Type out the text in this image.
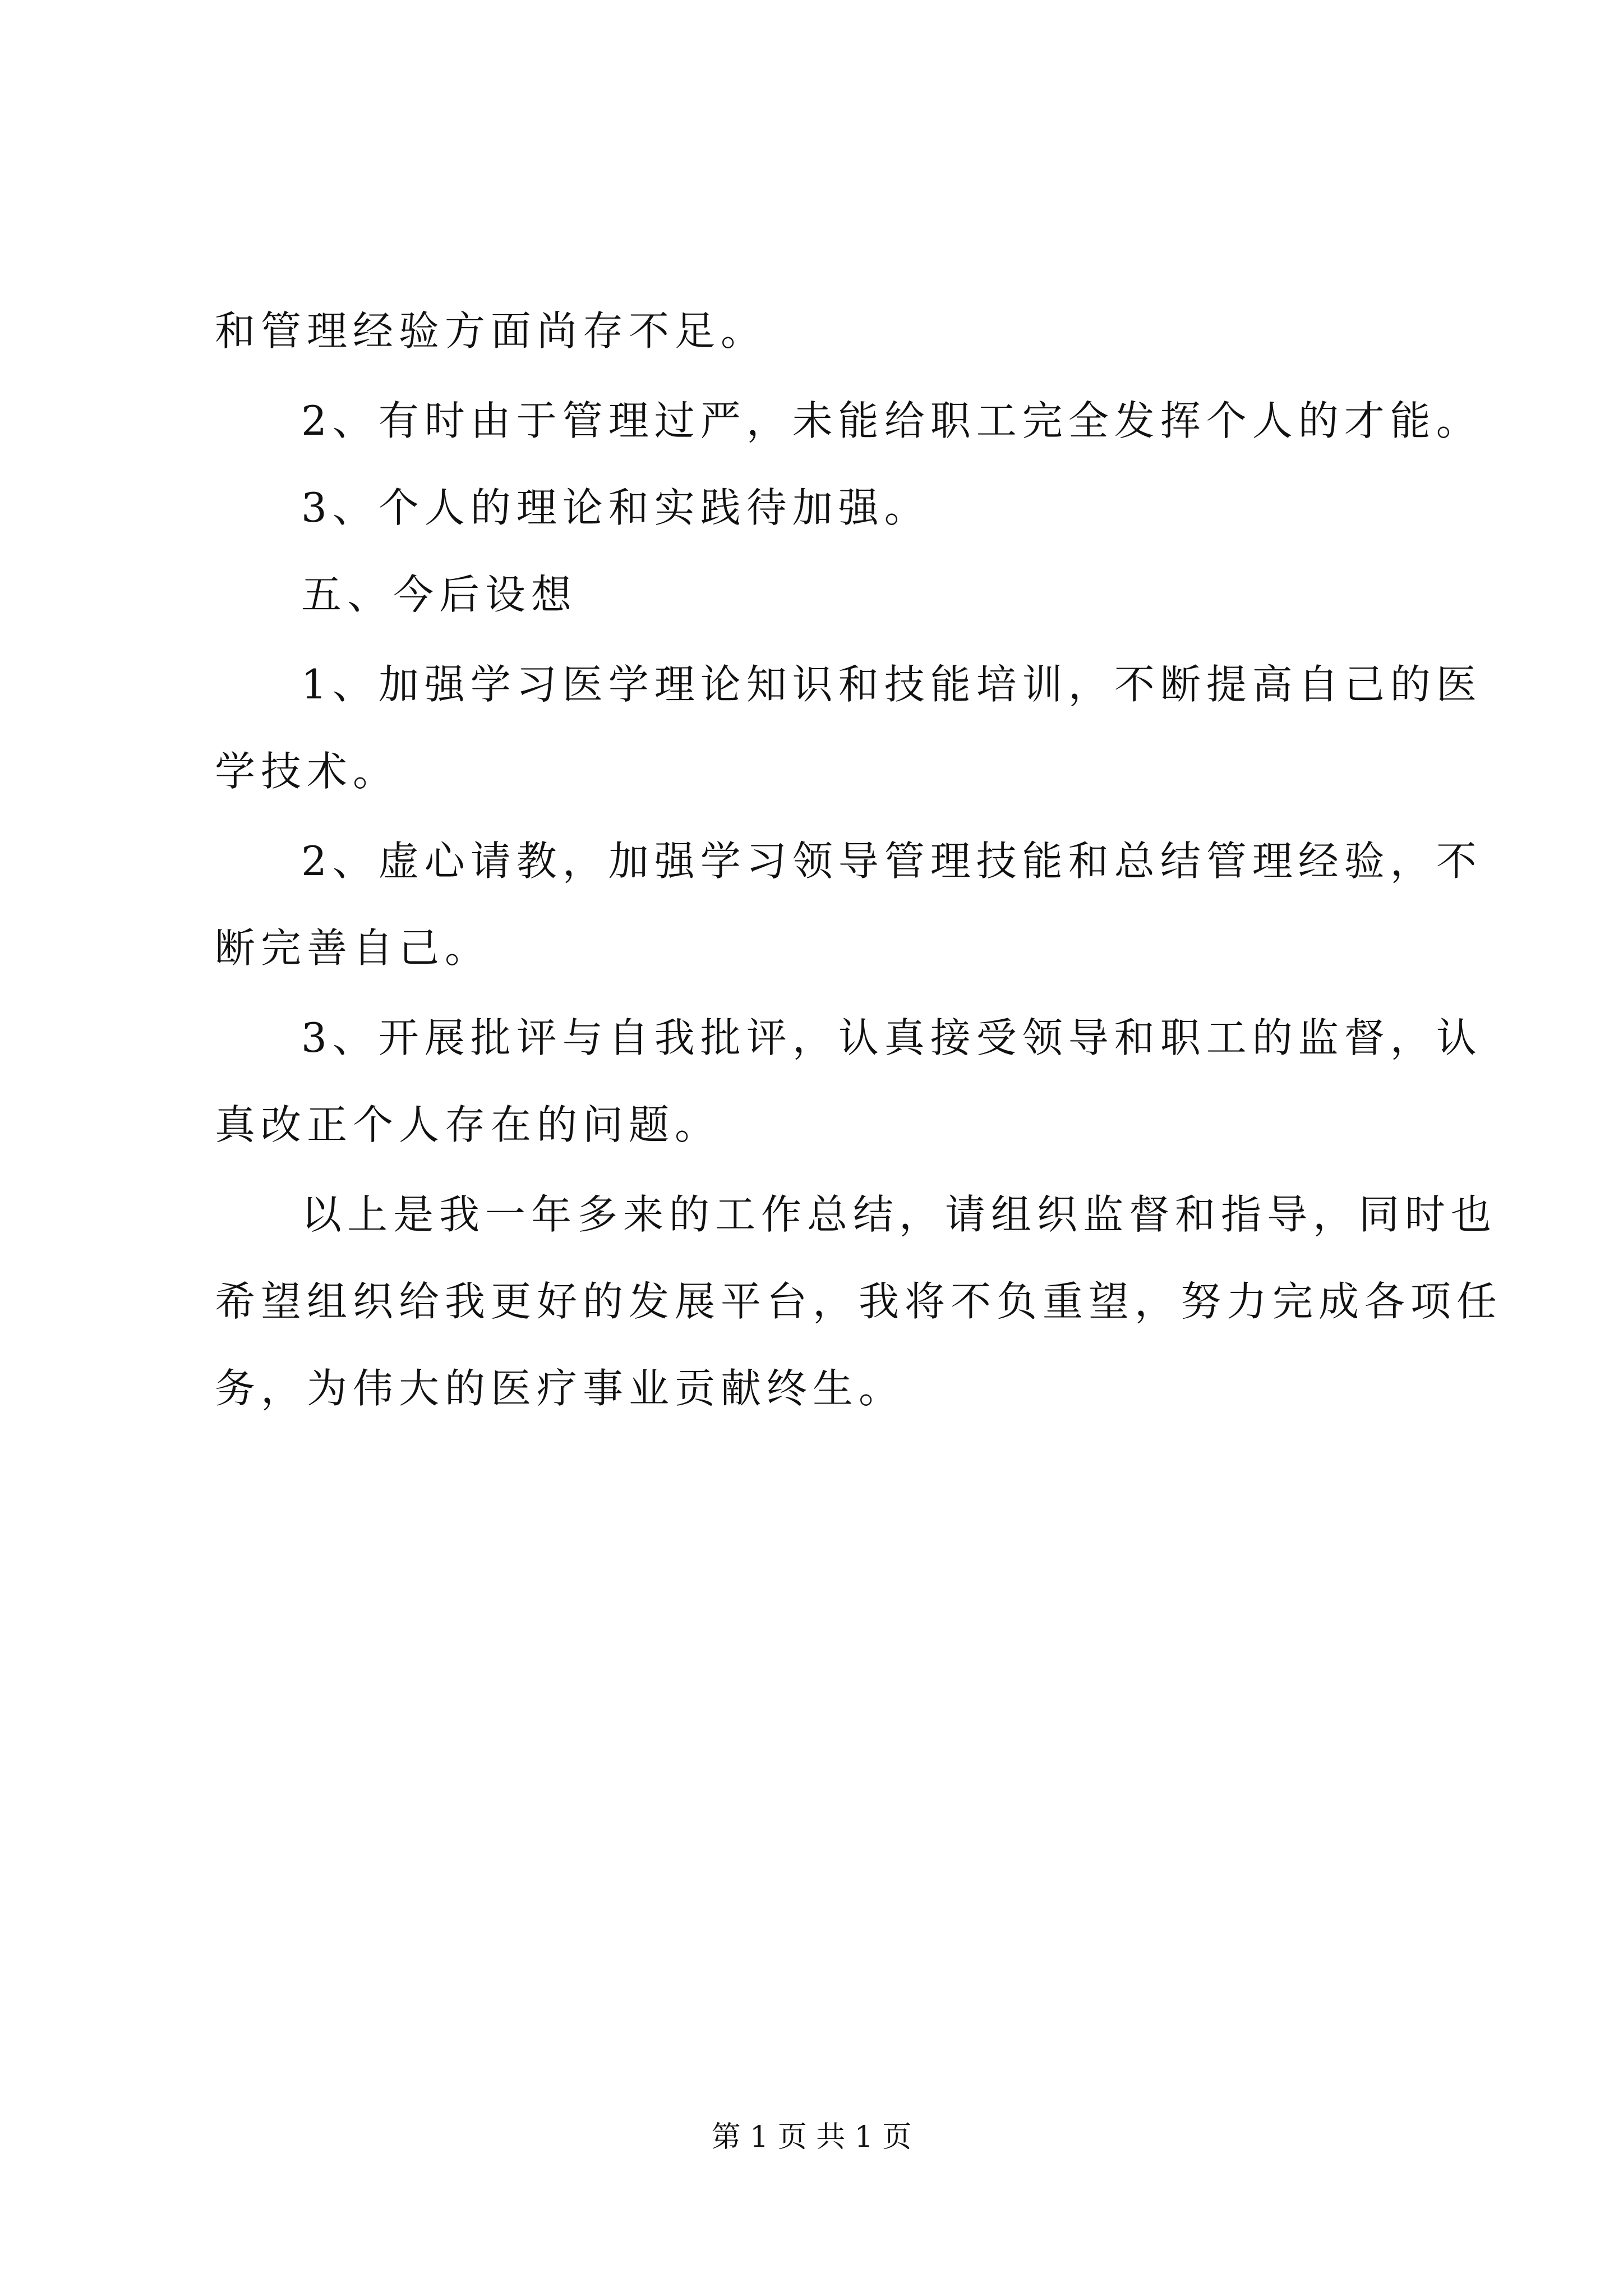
和管理经验方面尚存不足。
2、有时由于管理过严，未能给职工完全发挥个人的才能。
3、个人的理论和实践待加强。
五、今后设想
1、加强学习医学理论知识和技能培训，不断提高自己的医
学技术。
2、虚心请教，加强学习领导管理技能和总结管理经验，不
断完善自己。
3、开展批评与自我批评，认真接受领导和职工的监督，认
真改正个人存在的问题。
以上是我一年多来的工作总结，请组织监督和指导，同时也
希望组织给我更好的发展平台，我将不负重望，努力完成各项任
务，为伟大的医疗事业贡献终生。
第 1 页 共 1 页
